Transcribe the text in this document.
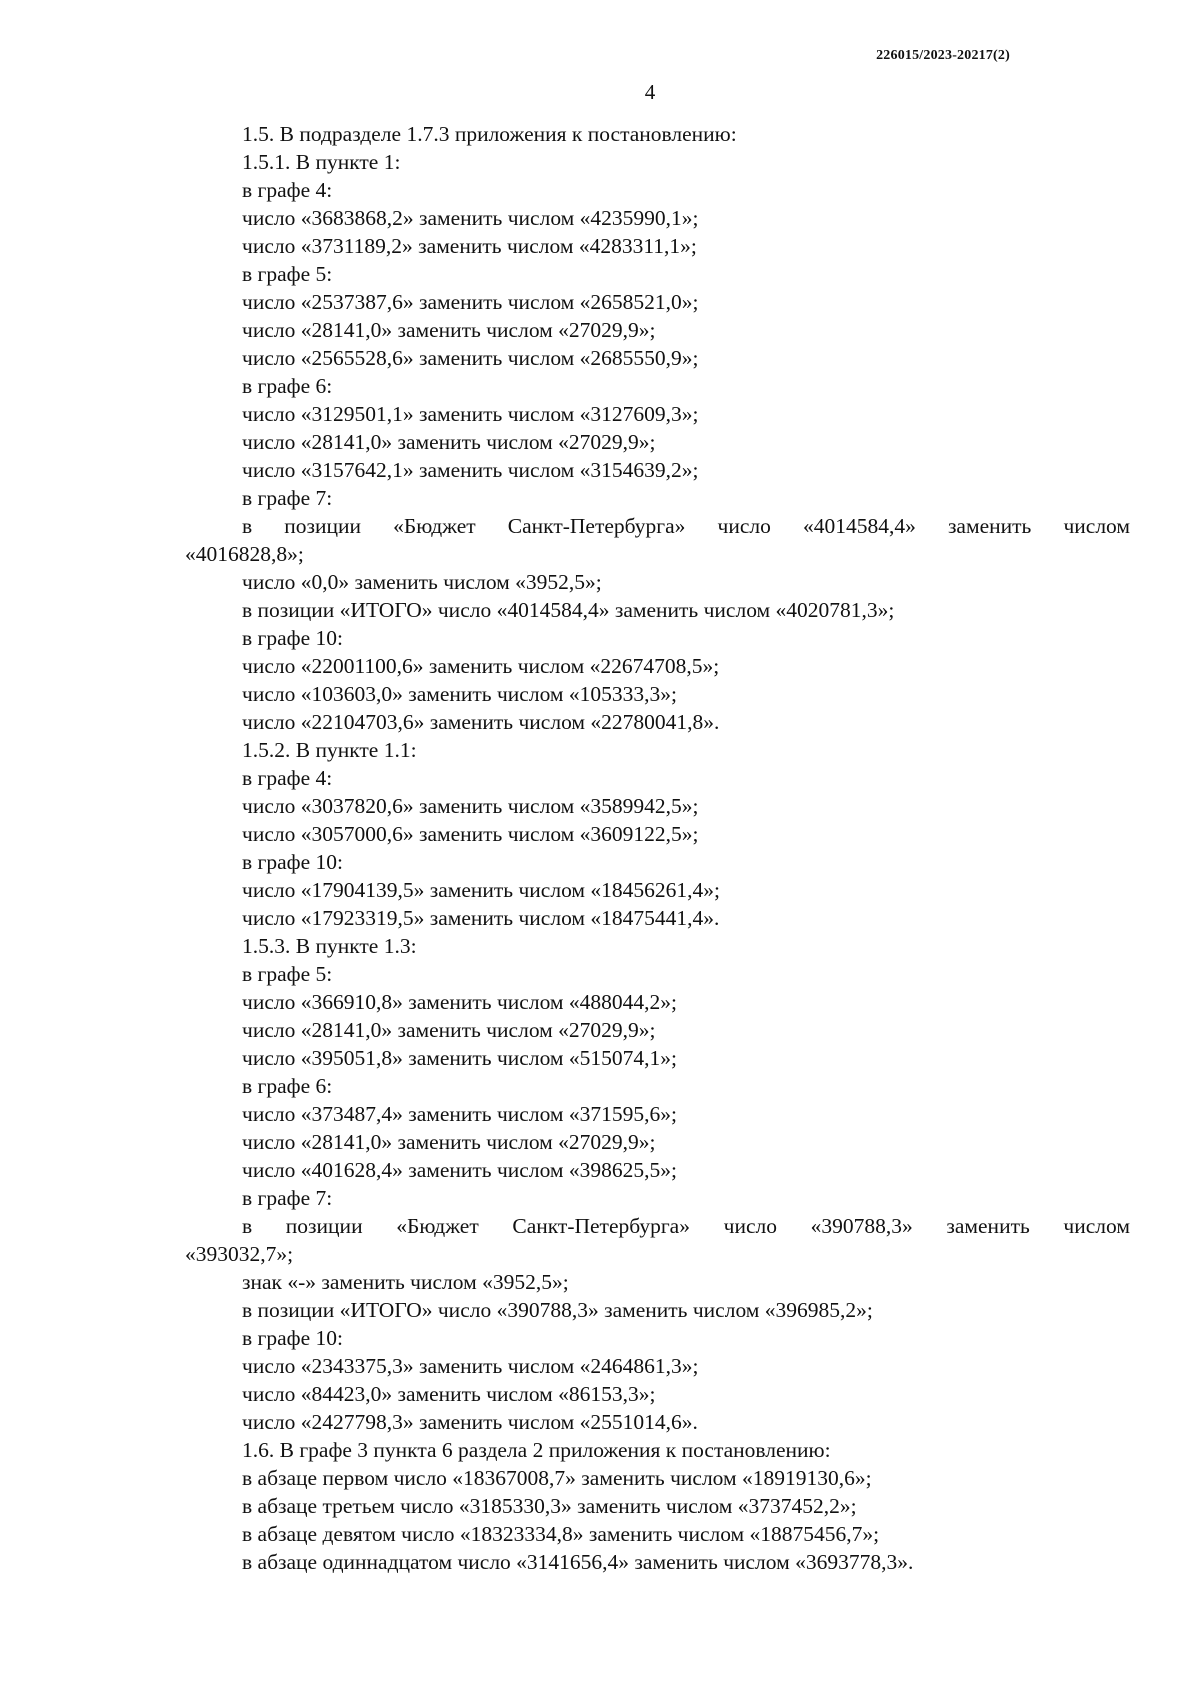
226015/2023-20217(2)
4
1.5. В подразделе 1.7.3 приложения к постановлению:
1.5.1. В пункте 1:
в графе 4:
число «3683868,2» заменить числом «4235990,1»;
число «3731189,2» заменить числом «4283311,1»;
в графе 5:
число «2537387,6» заменить числом «2658521,0»;
число «28141,0» заменить числом «27029,9»;
число «2565528,6» заменить числом «2685550,9»;
в графе 6:
число «3129501,1» заменить числом «3127609,3»;
число «28141,0» заменить числом «27029,9»;
число «3157642,1» заменить числом «3154639,2»;
в графе 7:
в позиции «Бюджет Санкт-Петербурга» число «4014584,4» заменить числом
«4016828,8»;
число «0,0» заменить числом «3952,5»;
в позиции «ИТОГО» число «4014584,4» заменить числом «4020781,3»;
в графе 10:
число «22001100,6» заменить числом «22674708,5»;
число «103603,0» заменить числом «105333,3»;
число «22104703,6» заменить числом «22780041,8».
1.5.2. В пункте 1.1:
в графе 4:
число «3037820,6» заменить числом «3589942,5»;
число «3057000,6» заменить числом «3609122,5»;
в графе 10:
число «17904139,5» заменить числом «18456261,4»;
число «17923319,5» заменить числом «18475441,4».
1.5.3. В пункте 1.3:
в графе 5:
число «366910,8» заменить числом «488044,2»;
число «28141,0» заменить числом «27029,9»;
число «395051,8» заменить числом «515074,1»;
в графе 6:
число «373487,4» заменить числом «371595,6»;
число «28141,0» заменить числом «27029,9»;
число «401628,4» заменить числом «398625,5»;
в графе 7:
в позиции «Бюджет Санкт-Петербурга» число «390788,3» заменить числом
«393032,7»;
знак «-» заменить числом «3952,5»;
в позиции «ИТОГО» число «390788,3» заменить числом «396985,2»;
в графе 10:
число «2343375,3» заменить числом «2464861,3»;
число «84423,0» заменить числом «86153,3»;
число «2427798,3» заменить числом «2551014,6».
1.6. В графе 3 пункта 6 раздела 2 приложения к постановлению:
в абзаце первом число «18367008,7» заменить числом «18919130,6»;
в абзаце третьем число «3185330,3» заменить числом «3737452,2»;
в абзаце девятом число «18323334,8» заменить числом «18875456,7»;
в абзаце одиннадцатом число «3141656,4» заменить числом «3693778,3».
